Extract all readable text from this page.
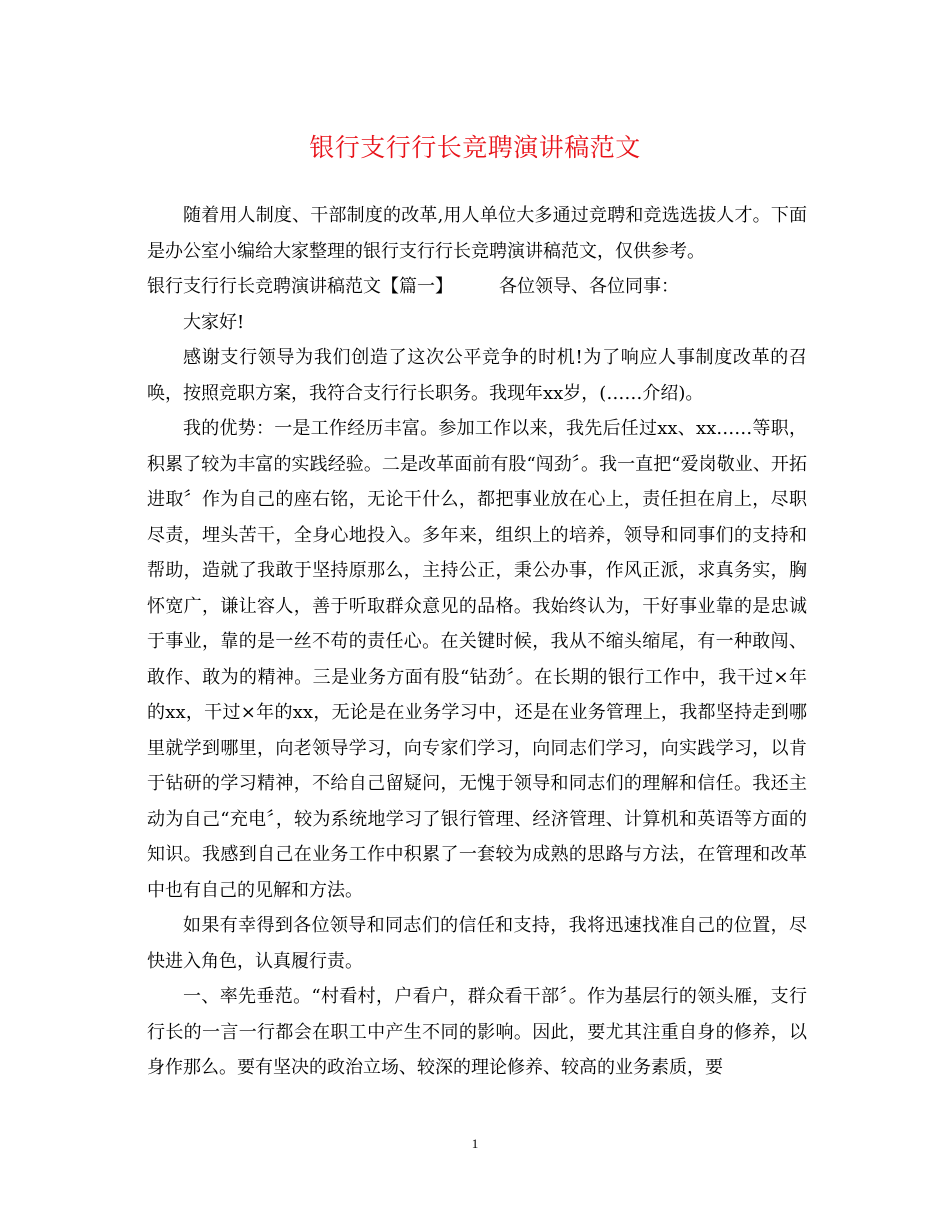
银行支行行长竞聘演讲稿范文

随着用人制度、干部制度的改革,用人单位大多通过竞聘和竞选选拔人才。下面是办公室小编给大家整理的银行支行行长竞聘演讲稿范文，仅供参考。

银行支行行长竞聘演讲稿范文【篇一】	各位领导、各位同事：

大家好!

感谢支行领导为我们创造了这次公平竞争的时机!为了响应人事制度改革的召唤，按照竞职方案，我符合支行行长职务。我现年xx岁，(……介绍)。

我的优势：一是工作经历丰富。参加工作以来，我先后任过xx、xx……等职，积累了较为丰富的实践经验。二是改革面前有股“闯劲〞。我一直把“爱岗敬业、开拓进取〞作为自己的座右铭，无论干什么，都把事业放在心上，责任担在肩上，尽职尽责，埋头苦干，全身心地投入。多年来，组织上的培养，领导和同事们的支持和帮助，造就了我敢于坚持原那么，主持公正，秉公办事，作风正派，求真务实，胸怀宽广，谦让容人，善于听取群众意见的品格。我始终认为，干好事业靠的是忠诚于事业，靠的是一丝不苟的责任心。在关键时候，我从不缩头缩尾，有一种敢闯、敢作、敢为的精神。三是业务方面有股“钻劲〞。在长期的银行工作中，我干过×年的xx，干过×年的xx，无论是在业务学习中，还是在业务管理上，我都坚持走到哪里就学到哪里，向老领导学习，向专家们学习，向同志们学习，向实践学习，以肯于钻研的学习精神，不给自己留疑问，无愧于领导和同志们的理解和信任。我还主动为自己“充电〞，较为系统地学习了银行管理、经济管理、计算机和英语等方面的知识。我感到自己在业务工作中积累了一套较为成熟的思路与方法，在管理和改革中也有自己的见解和方法。

如果有幸得到各位领导和同志们的信任和支持，我将迅速找准自己的位置，尽快进入角色，认真履行责。

一、率先垂范。“村看村，户看户，群众看干部〞。作为基层行的领头雁，支行行长的一言一行都会在职工中产生不同的影响。因此，要尤其注重自身的修养，以身作那么。要有坚决的政治立场、较深的理论修养、较高的业务素质，要

1
